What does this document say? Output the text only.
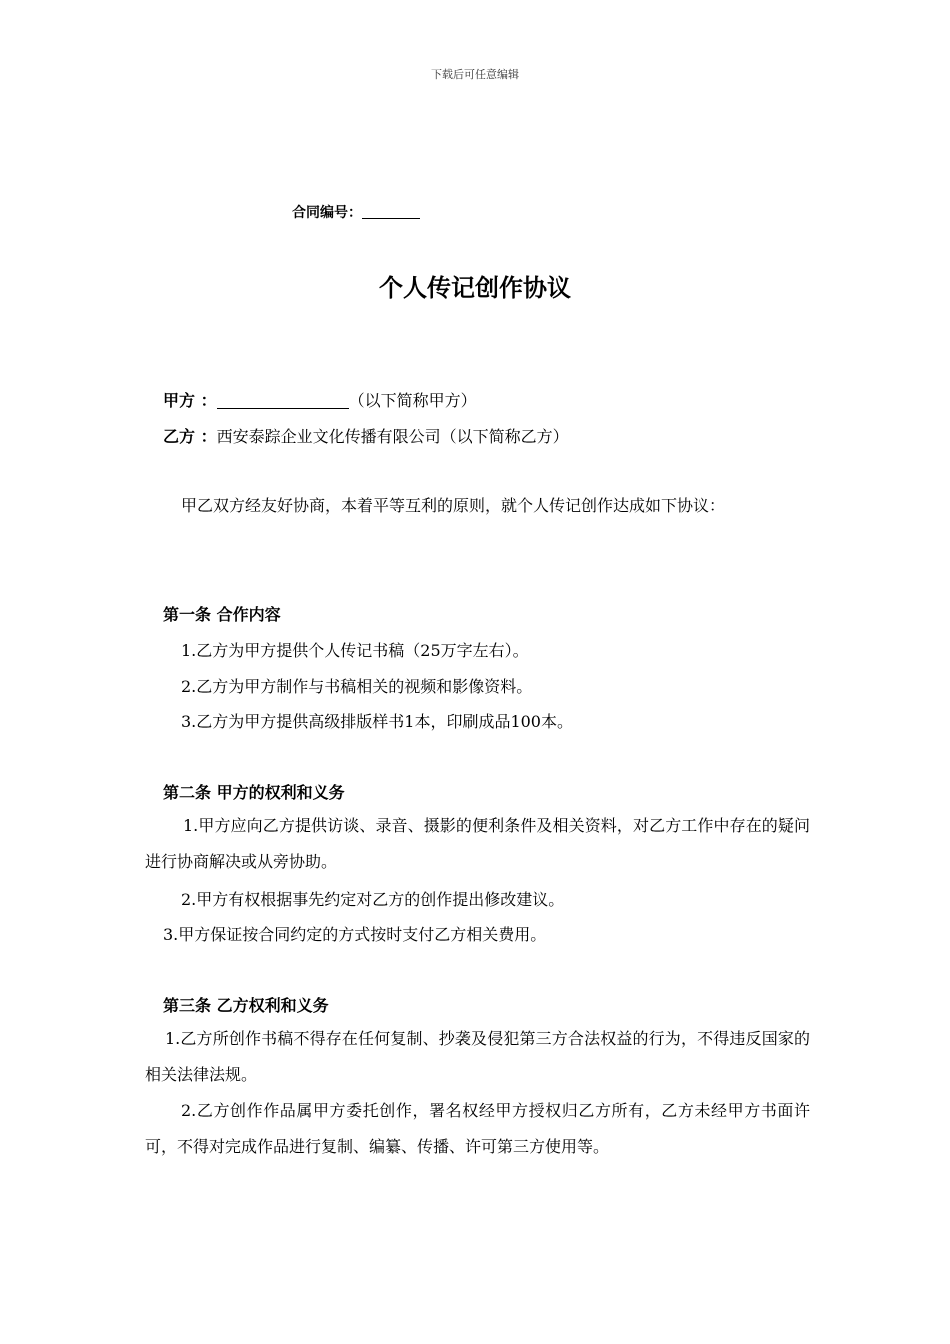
下载后可任意编辑
合同编号：
个人传记创作协议
甲方 ：	（以下简称甲方）
乙方 ：西安泰踪企业文化传播有限公司（以下简称乙方）
甲乙双方经友好协商，本着平等互利的原则，就个人传记创作达成如下协议：
第一条 合作内容
1.乙方为甲方提供个人传记书稿（25万字左右）。
2.乙方为甲方制作与书稿相关的视频和影像资料。
3.乙方为甲方提供高级排版样书1本，印刷成品100本。
第二条 甲方的权利和义务
1.甲方应向乙方提供访谈、录音、摄影的便利条件及相关资料，对乙方工作中存在的疑问进行协商解决或从旁协助。
2.甲方有权根据事先约定对乙方的创作提出修改建议。
3.甲方保证按合同约定的方式按时支付乙方相关费用。
第三条 乙方权利和义务
1.乙方所创作书稿不得存在任何复制、抄袭及侵犯第三方合法权益的行为，不得违反国家的相关法律法规。
2.乙方创作作品属甲方委托创作，署名权经甲方授权归乙方所有，乙方未经甲方书面许可，不得对完成作品进行复制、编纂、传播、许可第三方使用等。
